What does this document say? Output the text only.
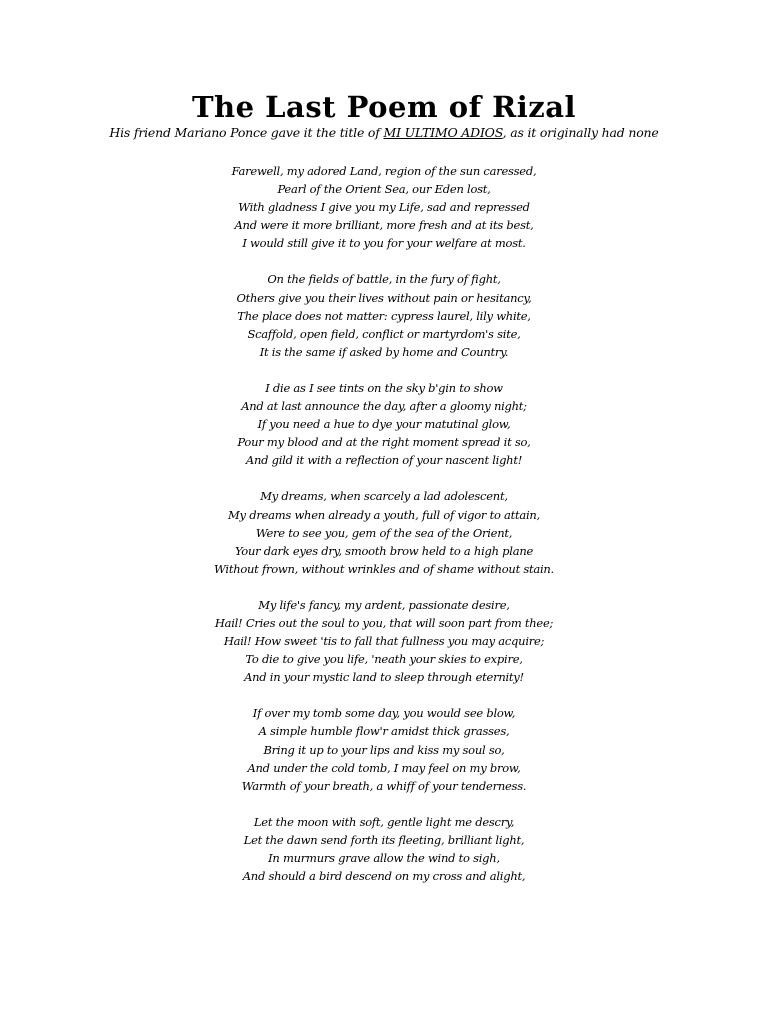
The Last Poem of Rizal

His friend Mariano Ponce gave it the title of MI ULTIMO ADIOS, as it originally had none

Farewell, my adored Land, region of the sun caressed,
Pearl of the Orient Sea, our Eden lost,
With gladness I give you my Life, sad and repressed
And were it more brilliant, more fresh and at its best,
I would still give it to you for your welfare at most.
On the fields of battle, in the fury of fight,
Others give you their lives without pain or hesitancy,
The place does not matter: cypress laurel, lily white,
Scaffold, open field, conflict or martyrdom's site,
It is the same if asked by home and Country.
I die as I see tints on the sky b'gin to show
And at last announce the day, after a gloomy night;
If you need a hue to dye your matutinal glow,
Pour my blood and at the right moment spread it so,
And gild it with a reflection of your nascent light!
My dreams, when scarcely a lad adolescent,
My dreams when already a youth, full of vigor to attain,
Were to see you, gem of the sea of the Orient,
Your dark eyes dry, smooth brow held to a high plane
Without frown, without wrinkles and of shame without stain.
My life's fancy, my ardent, passionate desire,
Hail! Cries out the soul to you, that will soon part from thee;
Hail! How sweet 'tis to fall that fullness you may acquire;
To die to give you life, 'neath your skies to expire,
And in your mystic land to sleep through eternity!
If over my tomb some day, you would see blow,
A simple humble flow'r amidst thick grasses,
Bring it up to your lips and kiss my soul so,
And under the cold tomb, I may feel on my brow,
Warmth of your breath, a whiff of your tenderness.
Let the moon with soft, gentle light me descry,
Let the dawn send forth its fleeting, brilliant light,
In murmurs grave allow the wind to sigh,
And should a bird descend on my cross and alight,
